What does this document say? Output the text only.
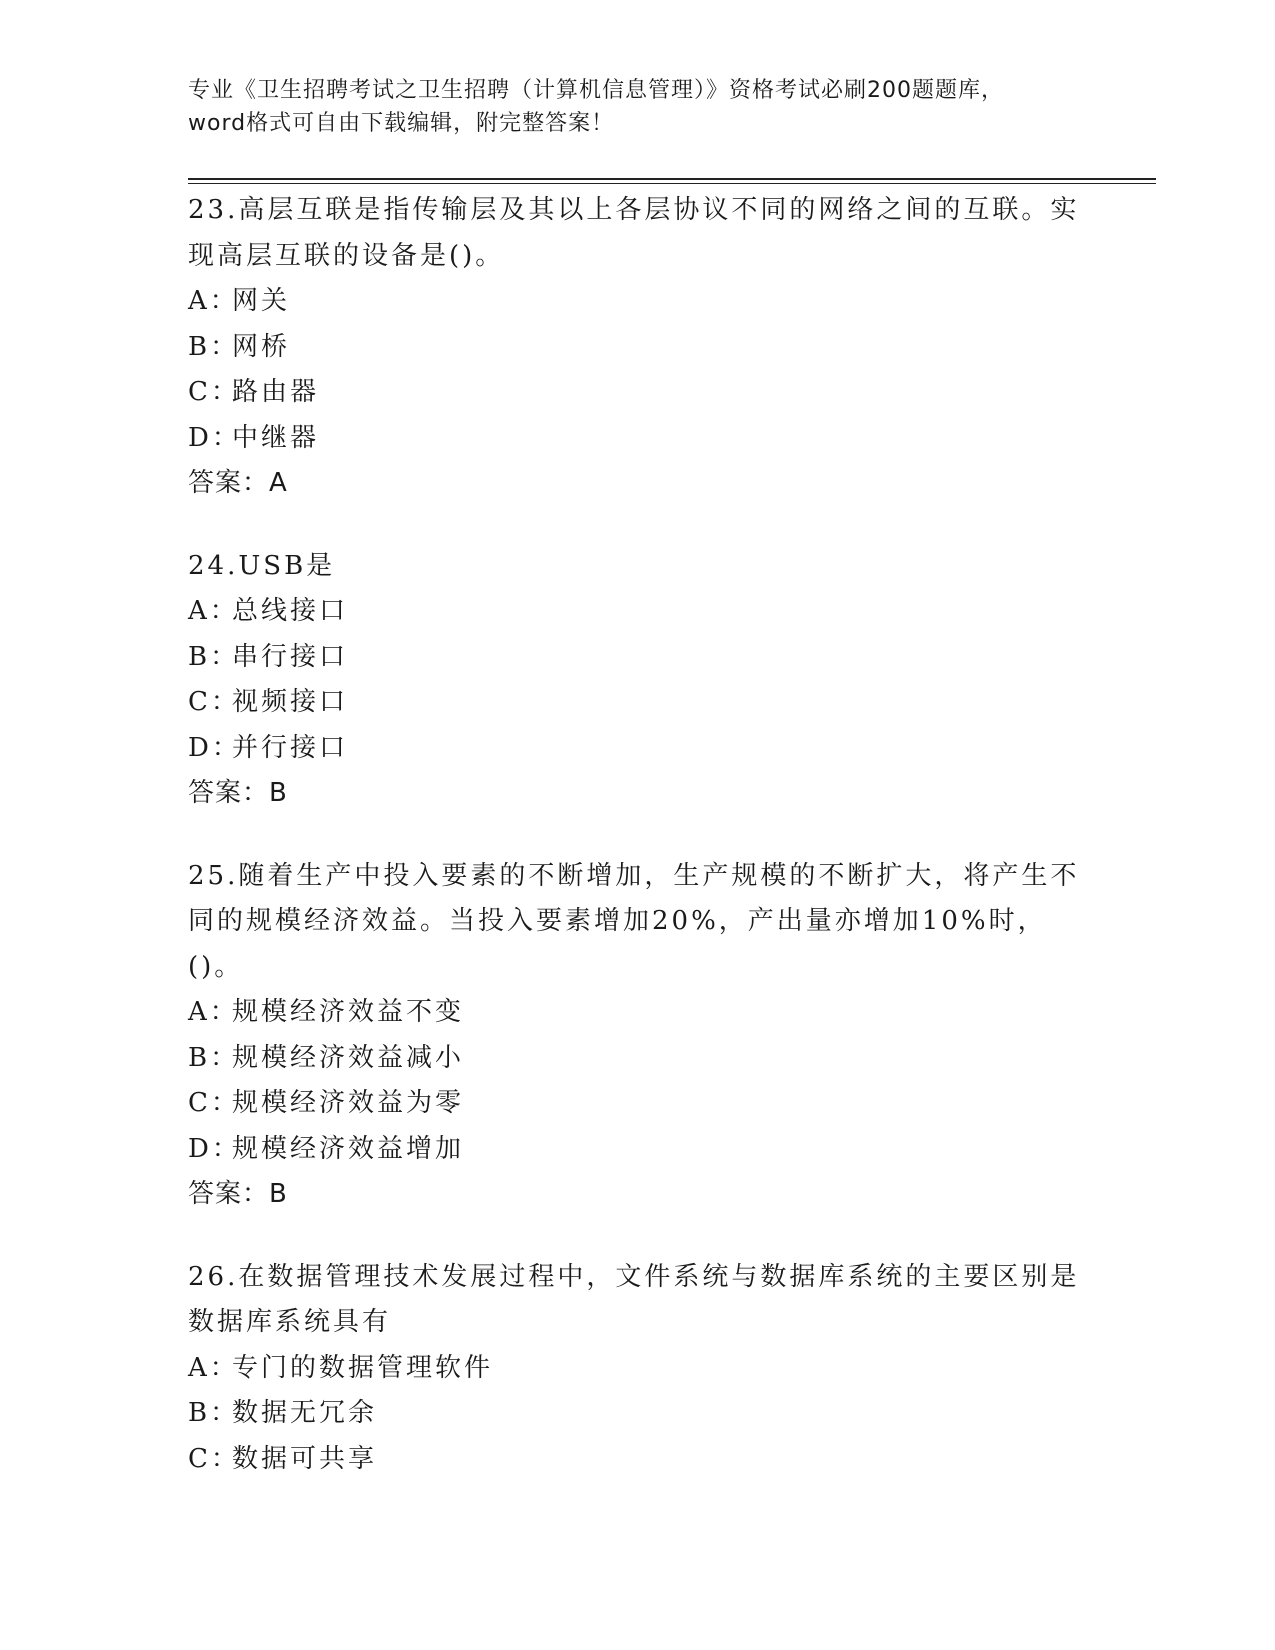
专业《卫生招聘考试之卫生招聘（计算机信息管理）》资格考试必刷200题题库，
word格式可自由下载编辑，附完整答案！
23.高层互联是指传输层及其以上各层协议不同的网络之间的互联。实现高层互联的设备是()。
A：网关
B：网桥
C：路由器
D：中继器
答案：A
24.USB是
A：总线接口
B：串行接口
C：视频接口
D：并行接口
答案：B
25.随着生产中投入要素的不断增加，生产规模的不断扩大，将产生不同的规模经济效益。当投入要素增加20%，产出量亦增加10%时，()。
A：规模经济效益不变
B：规模经济效益减小
C：规模经济效益为零
D：规模经济效益增加
答案：B
26.在数据管理技术发展过程中，文件系统与数据库系统的主要区别是数据库系统具有
A：专门的数据管理软件
B：数据无冗余
C：数据可共享
